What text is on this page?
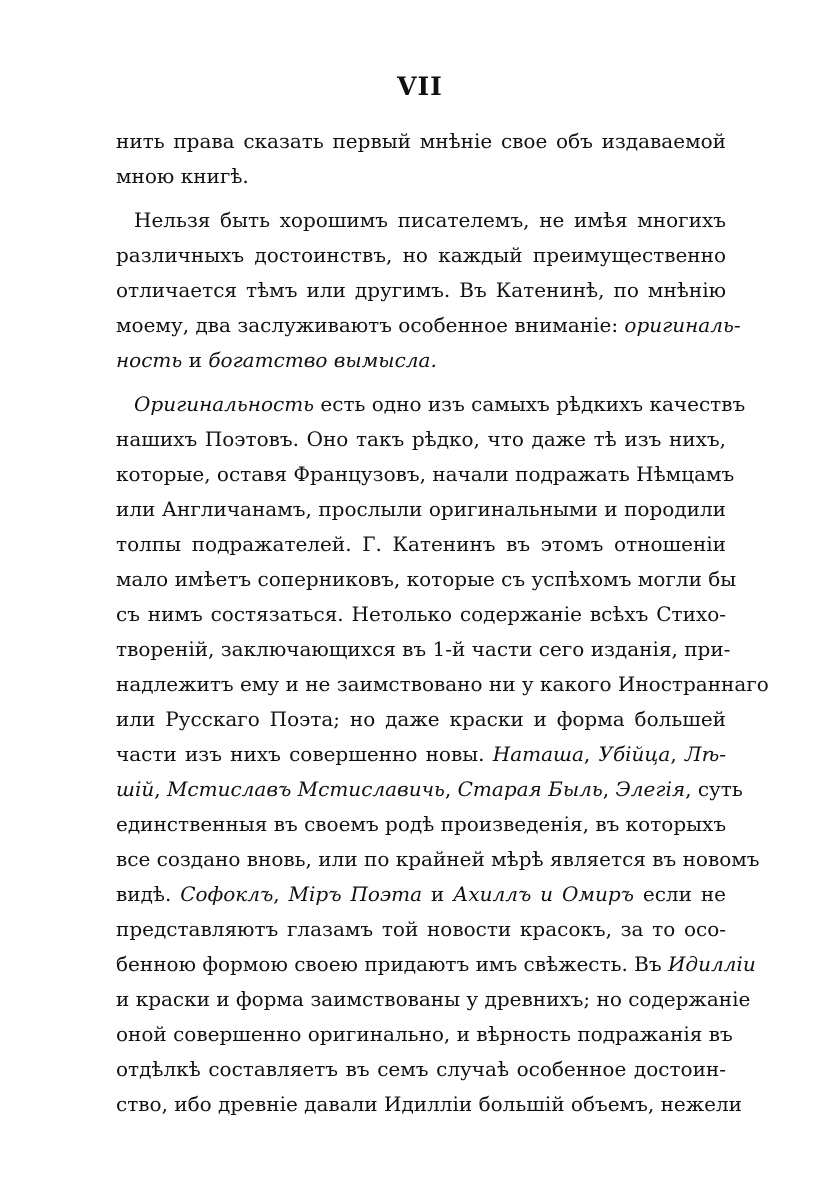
VII
нить права сказать первый мнѣніе свое объ издаваемой
мною книгѣ.
Нельзя быть хорошимъ писателемъ, не имѣя многихъ
различныхъ достоинствъ, но каждый преимущественно
отличается тѣмъ или другимъ. Въ Катенинѣ, по мнѣнію
моему, два заслуживаютъ особенное вниманіе: оригиналь-
ность и богатство вымысла.
Оригинальность есть одно изъ самыхъ рѣдкихъ качествъ
нашихъ Поэтовъ. Оно такъ рѣдко, что даже тѣ изъ нихъ,
которые, оставя Французовъ, начали подражать Нѣмцамъ
или Англичанамъ, прослыли оригинальными и породили
толпы подражателей. Г. Катенинъ въ этомъ отношеніи
мало имѣетъ соперниковъ, которые съ успѣхомъ могли бы
съ нимъ состязаться. Нетолько содержаніе всѣхъ Стихо-
твореній, заключающихся въ 1-й части сего изданія, при-
надлежитъ ему и не заимствовано ни у какого Иностраннаго
или Русскаго Поэта; но даже краски и форма большей
части изъ нихъ совершенно новы. Наташа, Убійца, Лѣ-
шій, Мстиславъ Мстиславичь, Старая Быль, Элегія, суть
единственныя въ своемъ родѣ произведенія, въ которыхъ
все создано вновь, или по крайней мѣрѣ является въ новомъ
видѣ. Софоклъ, Міръ Поэта и Ахиллъ и Омиръ если не
представляютъ глазамъ той новости красокъ, за то осо-
бенною формою своею придаютъ имъ свѣжесть. Въ Идилліи
и краски и форма заимствованы у древнихъ; но содержаніе
оной совершенно оригинально, и вѣрность подражанія въ
отдѣлкѣ составляетъ въ семъ случаѣ особенное достоин-
ство, ибо древніе давали Идилліи большій объемъ, нежели
